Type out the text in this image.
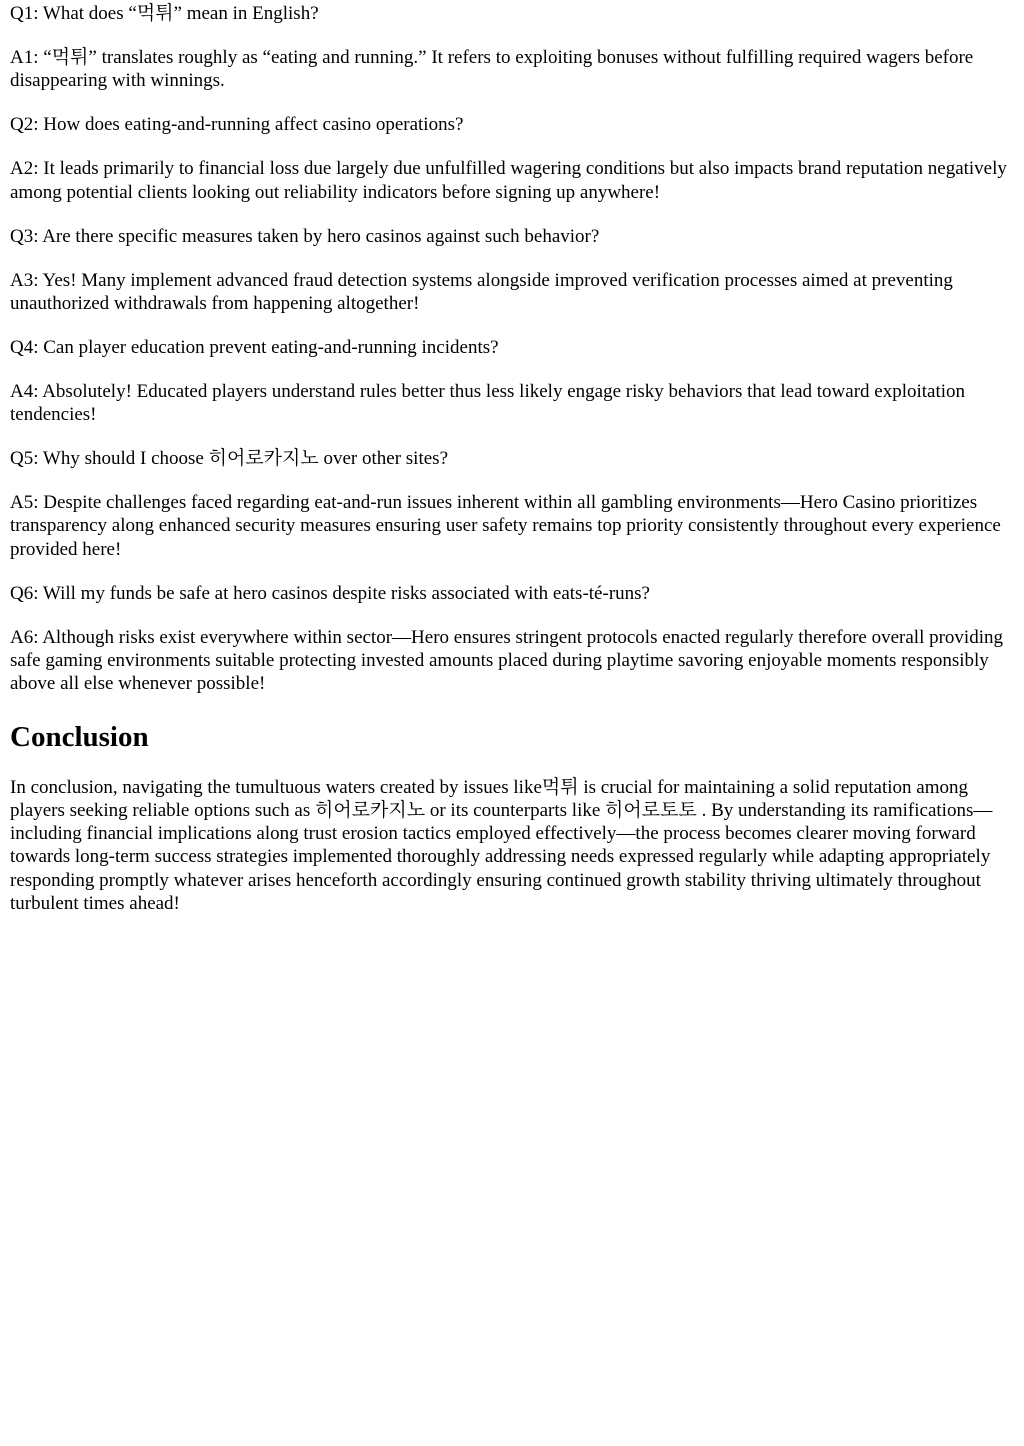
Q1: What does “먹튀” mean in English?

A1: “먹튀” translates roughly as “eating and running.” It refers to exploiting bonuses without fulfilling required wagers before disappearing with winnings.

Q2: How does eating-and-running affect casino operations?

A2: It leads primarily to financial loss due largely due unfulfilled wagering conditions but also impacts brand reputation negatively among potential clients looking out reliability indicators before signing up anywhere!

Q3: Are there specific measures taken by hero casinos against such behavior?

A3: Yes! Many implement advanced fraud detection systems alongside improved verification processes aimed at preventing unauthorized withdrawals from happening altogether!

Q4: Can player education prevent eating-and-running incidents?

A4: Absolutely! Educated players understand rules better thus less likely engage risky behaviors that lead toward exploitation tendencies!

Q5: Why should I choose 히어로카지노 over other sites?

A5: Despite challenges faced regarding eat-and-run issues inherent within all gambling environments—Hero Casino prioritizes transparency along enhanced security measures ensuring user safety remains top priority consistently throughout every experience provided here!

Q6: Will my funds be safe at hero casinos despite risks associated with eats-té-runs?

A6: Although risks exist everywhere within sector—Hero ensures stringent protocols enacted regularly therefore overall providing safe gaming environments suitable protecting invested amounts placed during playtime savoring enjoyable moments responsibly above all else whenever possible!

Conclusion

In conclusion, navigating the tumultuous waters created by issues like먹튀 is crucial for maintaining a solid reputation among players seeking reliable options such as 히어로카지노 or its counterparts like 히어로토토 . By understanding its ramifications—including financial implications along trust erosion tactics employed effectively—the process becomes clearer moving forward towards long-term success strategies implemented thoroughly addressing needs expressed regularly while adapting appropriately responding promptly whatever arises henceforth accordingly ensuring continued growth stability thriving ultimately throughout turbulent times ahead!
